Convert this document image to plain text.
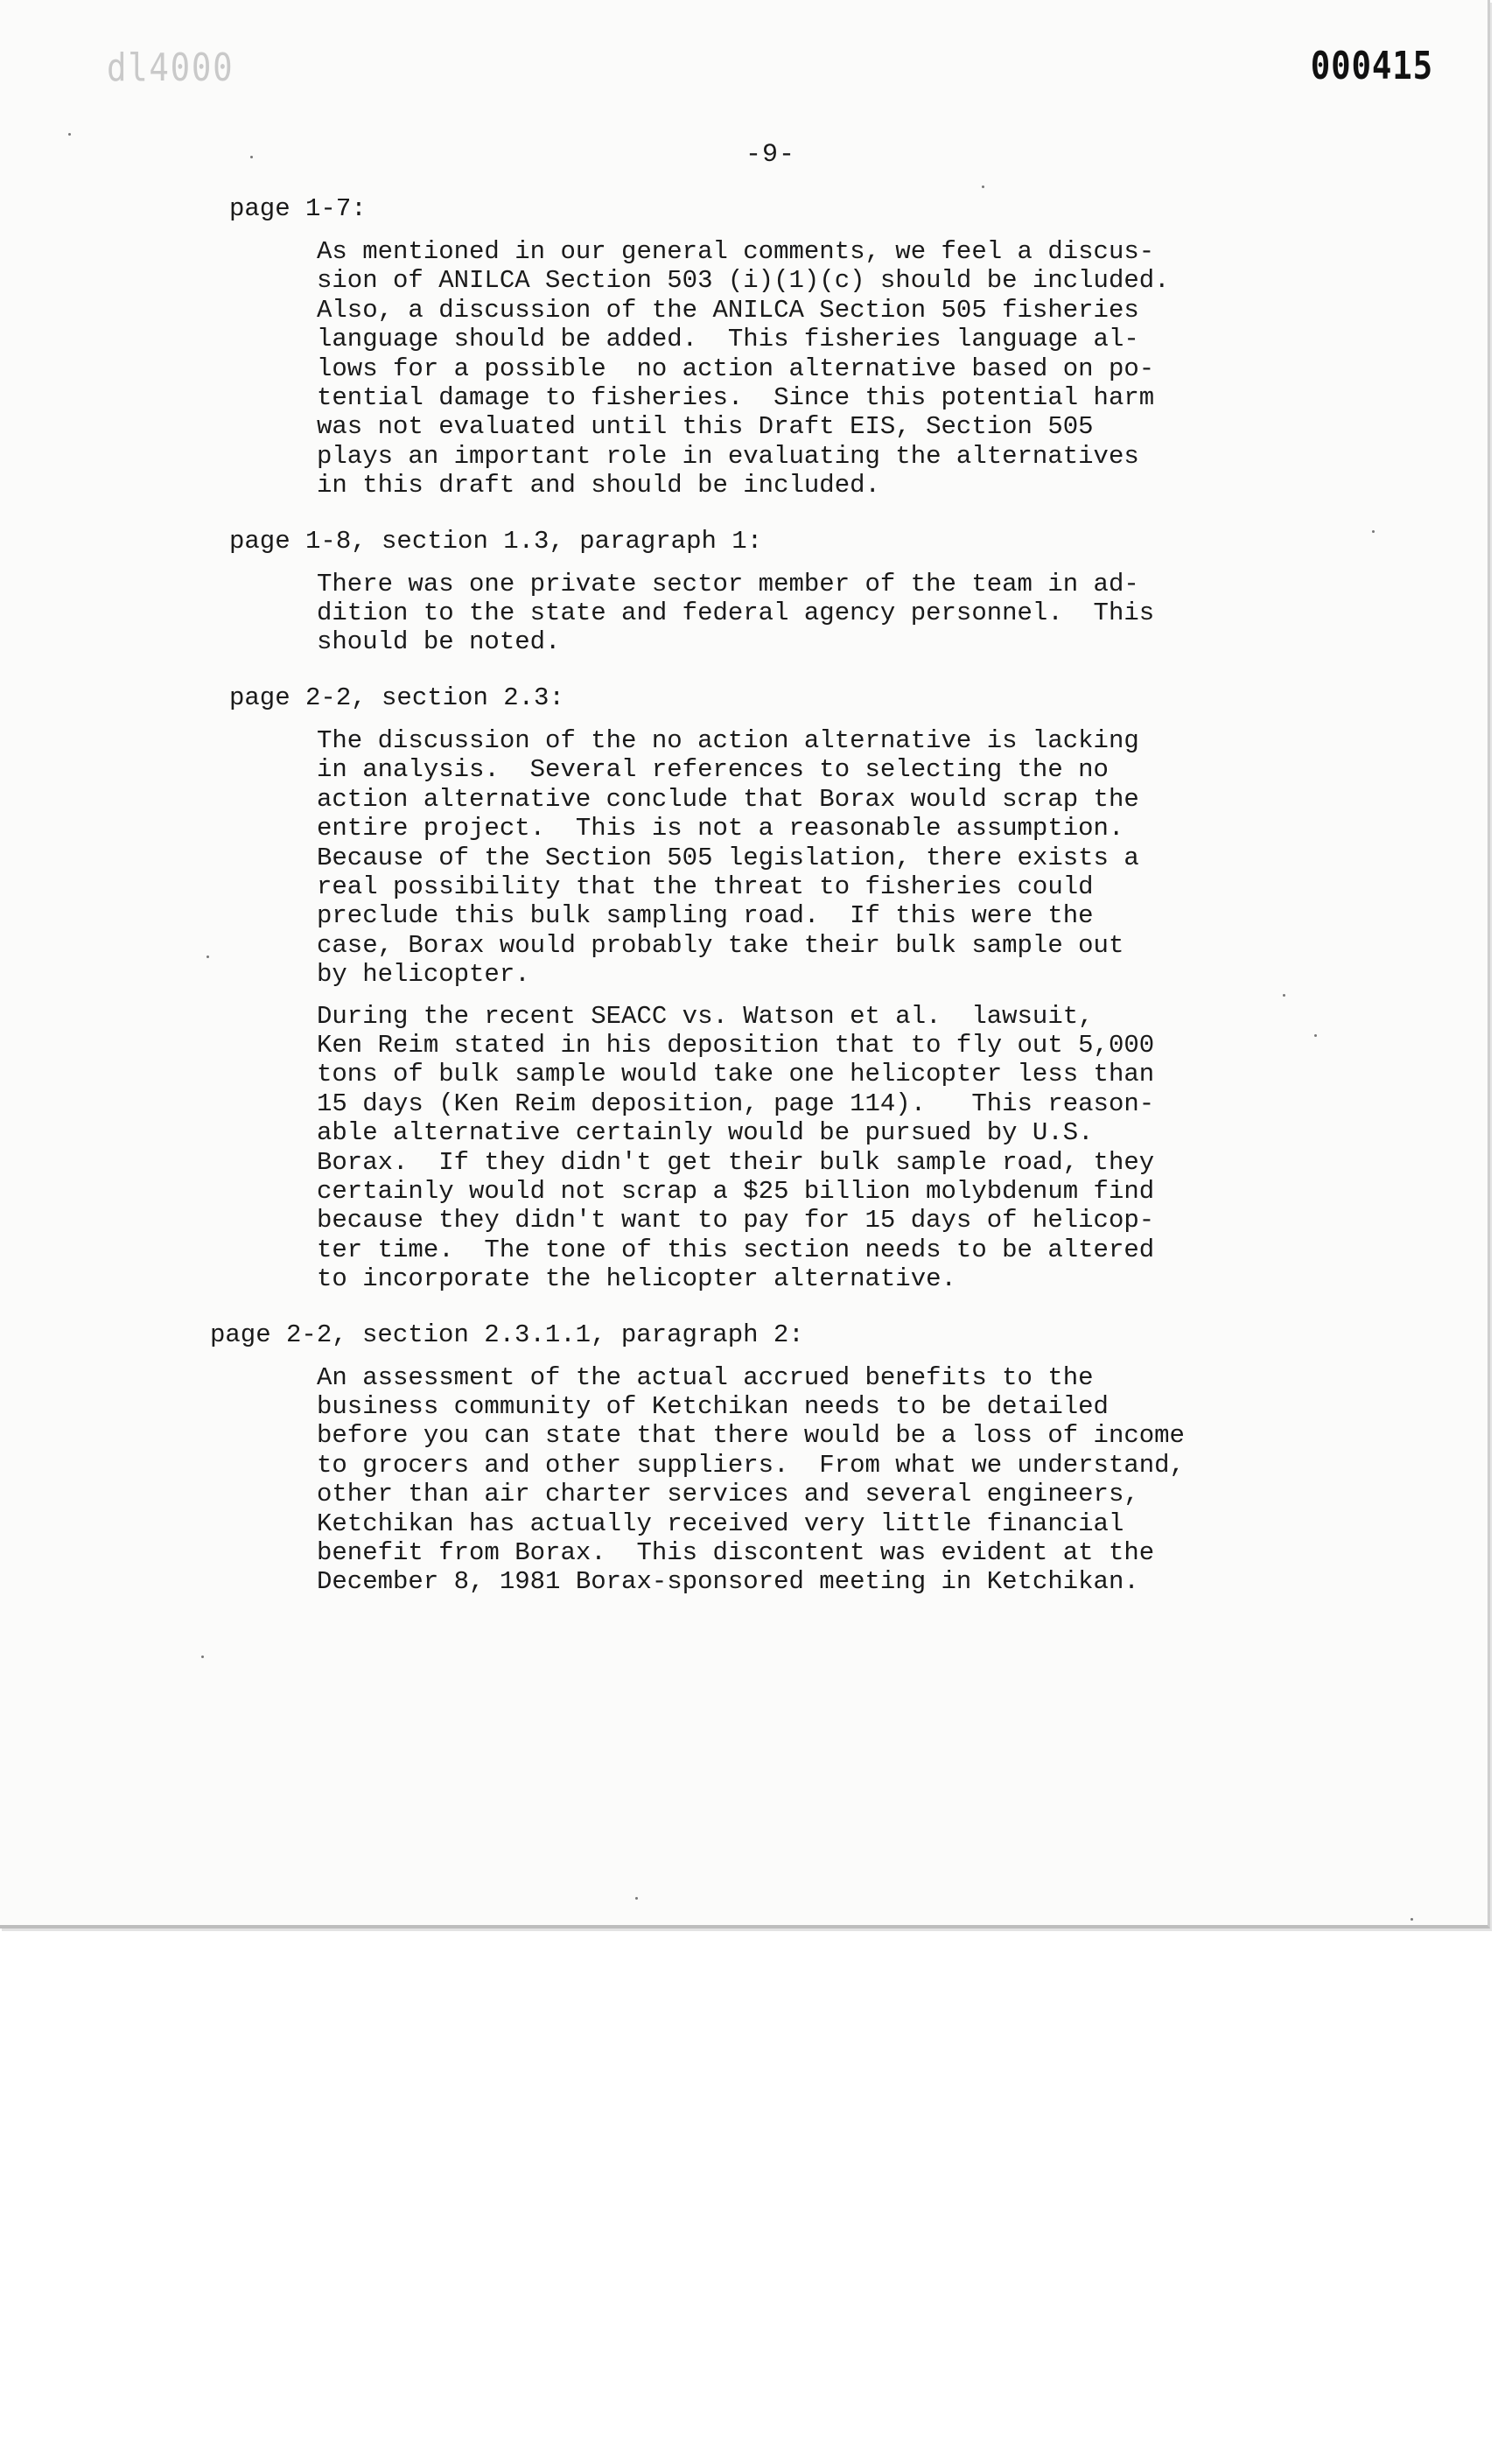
dl4000	000415
-9-
page 1-7:
As mentioned in our general comments, we feel a discus-
sion of ANILCA Section 503 (i)(1)(c) should be included.
Also, a discussion of the ANILCA Section 505 fisheries
language should be added.  This fisheries language al-
lows for a possible  no action alternative based on po-
tential damage to fisheries.  Since this potential harm
was not evaluated until this Draft EIS, Section 505
plays an important role in evaluating the alternatives
in this draft and should be included.
page 1-8, section 1.3, paragraph 1:
There was one private sector member of the team in ad-
dition to the state and federal agency personnel.  This
should be noted.
page 2-2, section 2.3:
The discussion of the no action alternative is lacking
in analysis.  Several references to selecting the no
action alternative conclude that Borax would scrap the
entire project.  This is not a reasonable assumption.
Because of the Section 505 legislation, there exists a
real possibility that the threat to fisheries could
preclude this bulk sampling road.  If this were the
case, Borax would probably take their bulk sample out
by helicopter.
During the recent SEACC vs. Watson et al.  lawsuit,
Ken Reim stated in his deposition that to fly out 5,000
tons of bulk sample would take one helicopter less than
15 days (Ken Reim deposition, page 114).   This reason-
able alternative certainly would be pursued by U.S.
Borax.  If they didn't get their bulk sample road, they
certainly would not scrap a $25 billion molybdenum find
because they didn't want to pay for 15 days of helicop-
ter time.  The tone of this section needs to be altered
to incorporate the helicopter alternative.
page 2-2, section 2.3.1.1, paragraph 2:
An assessment of the actual accrued benefits to the
business community of Ketchikan needs to be detailed
before you can state that there would be a loss of income
to grocers and other suppliers.  From what we understand,
other than air charter services and several engineers,
Ketchikan has actually received very little financial
benefit from Borax.  This discontent was evident at the
December 8, 1981 Borax-sponsored meeting in Ketchikan.
